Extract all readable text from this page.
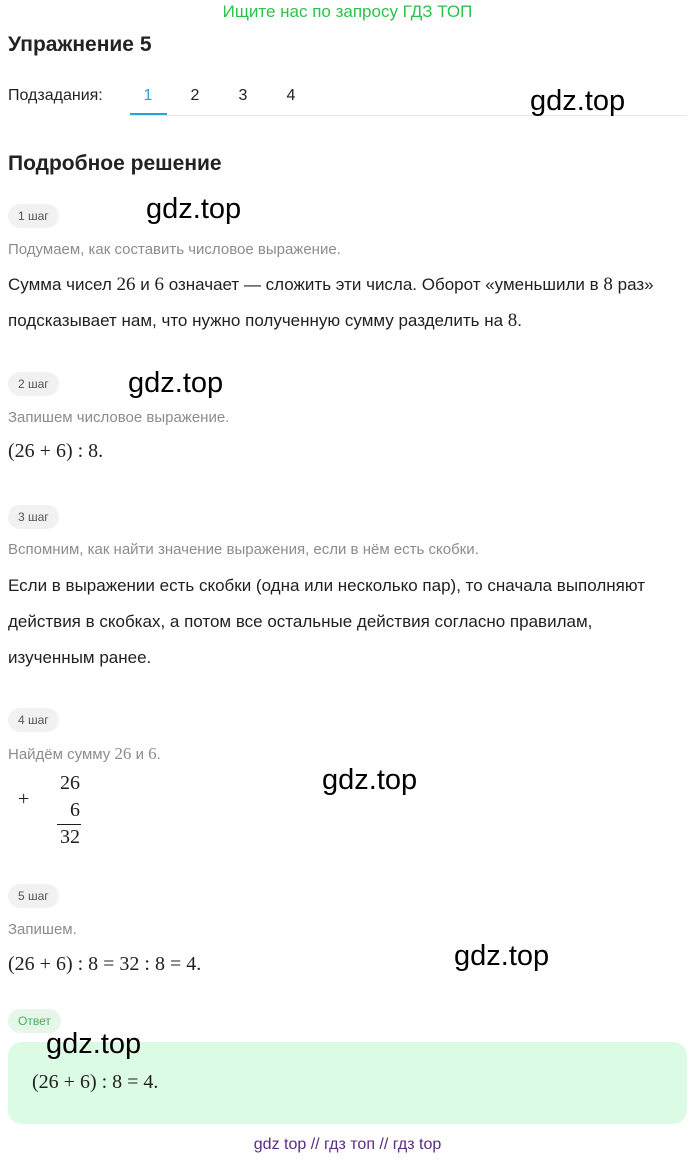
Ищите нас по запросу ГДЗ ТОП
Упражнение 5
Подзадания:	1	2	3	4	gdz.top
gdz.top
gdz.top
gdz.top
gdz.top
Подробное решение
1 шаг
Подумаем, как составить числовое выражение.
Сумма чисел 26 и 6 означает — сложить эти числа. Оборот «уменьшили в 8 раз» подсказывает нам, что нужно полученную сумму разделить на 8.
2 шаг
Запишем числовое выражение.
(26 + 6) : 8.
3 шаг
Вспомним, как найти значение выражения, если в нём есть скобки.
Если в выражении есть скобки (одна или несколько пар), то сначала выполняют действия в скобках, а потом все остальные действия согласно правилам, изученным ранее.
4 шаг
Найдём сумму 26 и 6.
+
26
6
32
5 шаг
Запишем.
(26 + 6) : 8 = 32 : 8 = 4.
Ответ
gdz.top
(26 + 6) : 8 = 4.
gdz top // гдз топ // гдз top
